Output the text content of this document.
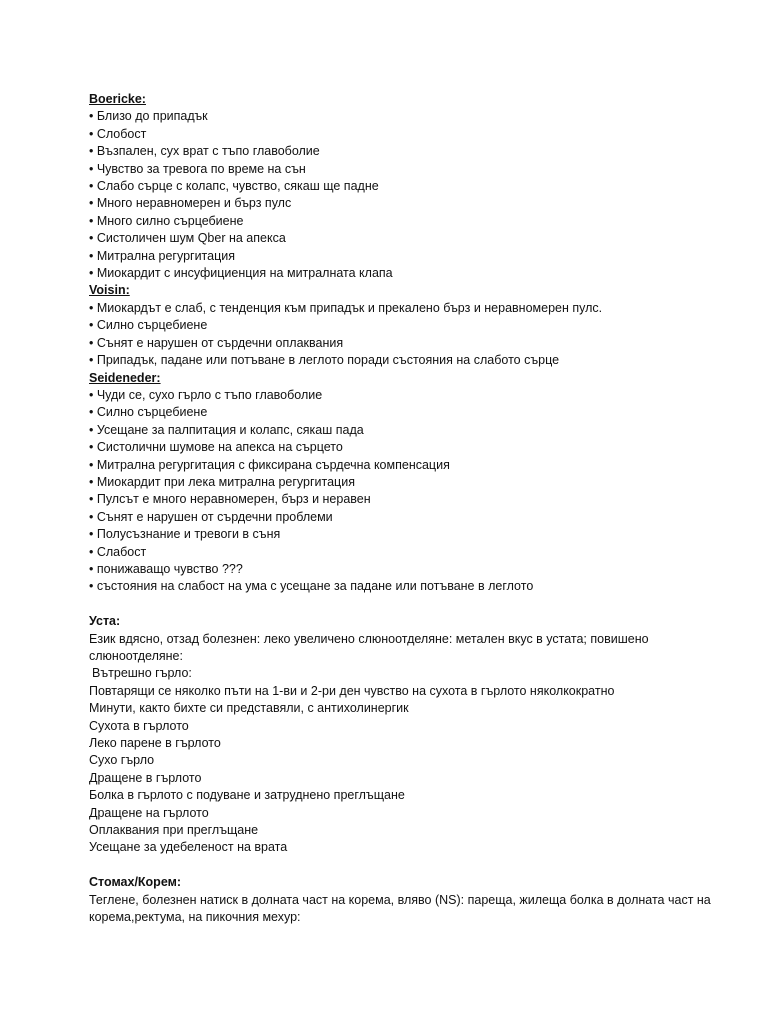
Boericke:
• Близо до припадък
• Слобост
• Възпален, сух врат с тъпо главоболие
• Чувство за тревога по време на сън
• Слабо сърце с колапс, чувство, сякаш ще падне
• Много неравномерен и бърз пулс
• Много силно сърцебиене
• Систоличен шум Qber на апекса
• Митрална регургитация
• Миокардит с инсуфициенция на митралната клапа
Voisin:
• Миокардът е слаб, с тенденция към припадък и прекалено бърз и неравномерен пулс.
• Силно сърцебиене
• Сънят е нарушен от сърдечни оплаквания
• Припадък, падане или потъване в леглото поради състояния на слабото сърце
Seideneder:
• Чуди се, сухо гърло с тъпо главоболие
• Силно сърцебиене
• Усещане за палпитация и колапс, сякаш пада
• Систолични шумове на апекса на сърцето
• Митрална регургитация с фиксирана сърдечна компенсация
• Миокардит при лека митрална регургитация
• Пулсът е много неравномерен, бърз и неравен
• Сънят е нарушен от сърдечни проблеми
• Полусъзнание и тревоги в съня
• Слабост
• понижаващо чувство ???
• състояния на слабост на ума с усещане за падане или потъване в леглото
Уста:
Език вдясно, отзад болезнен: леко увеличено слюноотделяне: метален вкус в устата; повишено слюноотделяне:
Вътрешно гърло:
Повтарящи се няколко пъти на 1-ви и 2-ри ден чувство на сухота в гърлото няколкократно
Минути, както бихте си представяли, с антихолинергик
Сухота в гърлото
Леко парене в гърлото
Сухо гърло
Дращене в гърлото
Болка в гърлото с подуване и затруднено преглъщане
Дращене на гърлото
Оплаквания при преглъщане
Усещане за удебеленост на врата
Стомах/Корем:
Теглене, болезнен натиск в долната част на корема, вляво (NS): пареща, жилеща болка в долната част на корема,ректума, на пикочния мехур:
